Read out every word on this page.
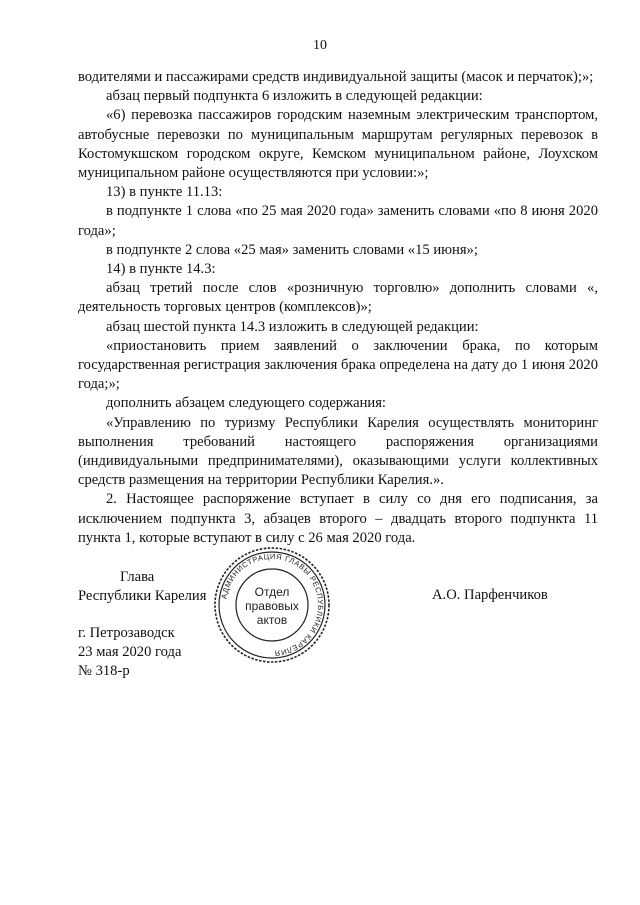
10

водителями и пассажирами средств индивидуальной защиты (масок и перчаток);»;

абзац первый подпункта 6 изложить в следующей редакции:

«6) перевозка пассажиров городским наземным электрическим транспортом, автобусные перевозки по муниципальным маршрутам регулярных перевозок в Костомукшском городском округе, Кемском муниципальном районе, Лоухском муниципальном районе осуществляются при условии:»;

13) в пункте 11.13:

в подпункте 1 слова «по 25 мая 2020 года» заменить словами «по 8 июня 2020 года»;

в подпункте 2 слова «25 мая» заменить словами «15 июня»;

14) в пункте 14.3:

абзац третий после слов «розничную торговлю» дополнить словами «, деятельность торговых центров (комплексов)»;

абзац шестой пункта 14.3 изложить в следующей редакции:

«приостановить прием заявлений о заключении брака, по которым государственная регистрация заключения брака определена на дату до 1 июня 2020 года;»;

дополнить абзацем следующего содержания:

«Управлению по туризму Республики Карелия осуществлять мониторинг выполнения требований настоящего распоряжения организациями (индивидуальными предпринимателями), оказывающими услуги коллективных средств размещения на территории Республики Карелия.».

2. Настоящее распоряжение вступает в силу со дня его подписания, за исключением подпункта 3, абзацев второго – двадцать второго подпункта 11 пункта 1, которые вступают в силу с 26 мая 2020 года.

Глава
Республики Карелия АДМИНИСТРАЦИЯ ГЛАВЫ РЕСПУБЛИКИ КАРЕЛИЯ
Отдел
правовых
актов
А.О. Парфенчиков
г. Петрозаводск
23 мая 2020 года
№ 318-р
